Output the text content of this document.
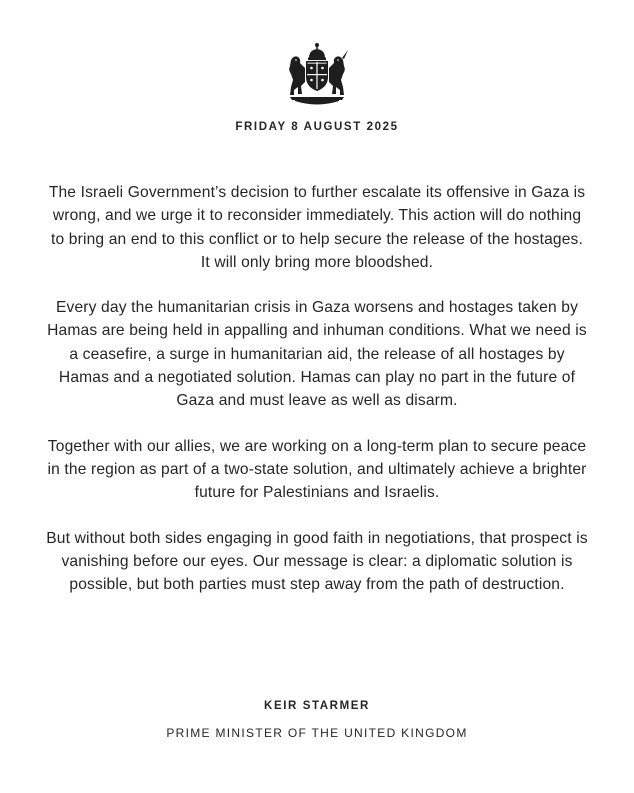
FRIDAY 8 AUGUST 2025

The Israeli Government’s decision to further escalate its offensive in Gaza is wrong, and we urge it to reconsider immediately. This action will do nothing to bring an end to this conflict or to help secure the release of the hostages. It will only bring more bloodshed.

Every day the humanitarian crisis in Gaza worsens and hostages taken by Hamas are being held in appalling and inhuman conditions. What we need is a ceasefire, a surge in humanitarian aid, the release of all hostages by Hamas and a negotiated solution. Hamas can play no part in the future of Gaza and must leave as well as disarm.

Together with our allies, we are working on a long-term plan to secure peace in the region as part of a two-state solution, and ultimately achieve a brighter future for Palestinians and Israelis.

But without both sides engaging in good faith in negotiations, that prospect is vanishing before our eyes. Our message is clear: a diplomatic solution is possible, but both parties must step away from the path of destruction.

KEIR STARMER
PRIME MINISTER OF THE UNITED KINGDOM
